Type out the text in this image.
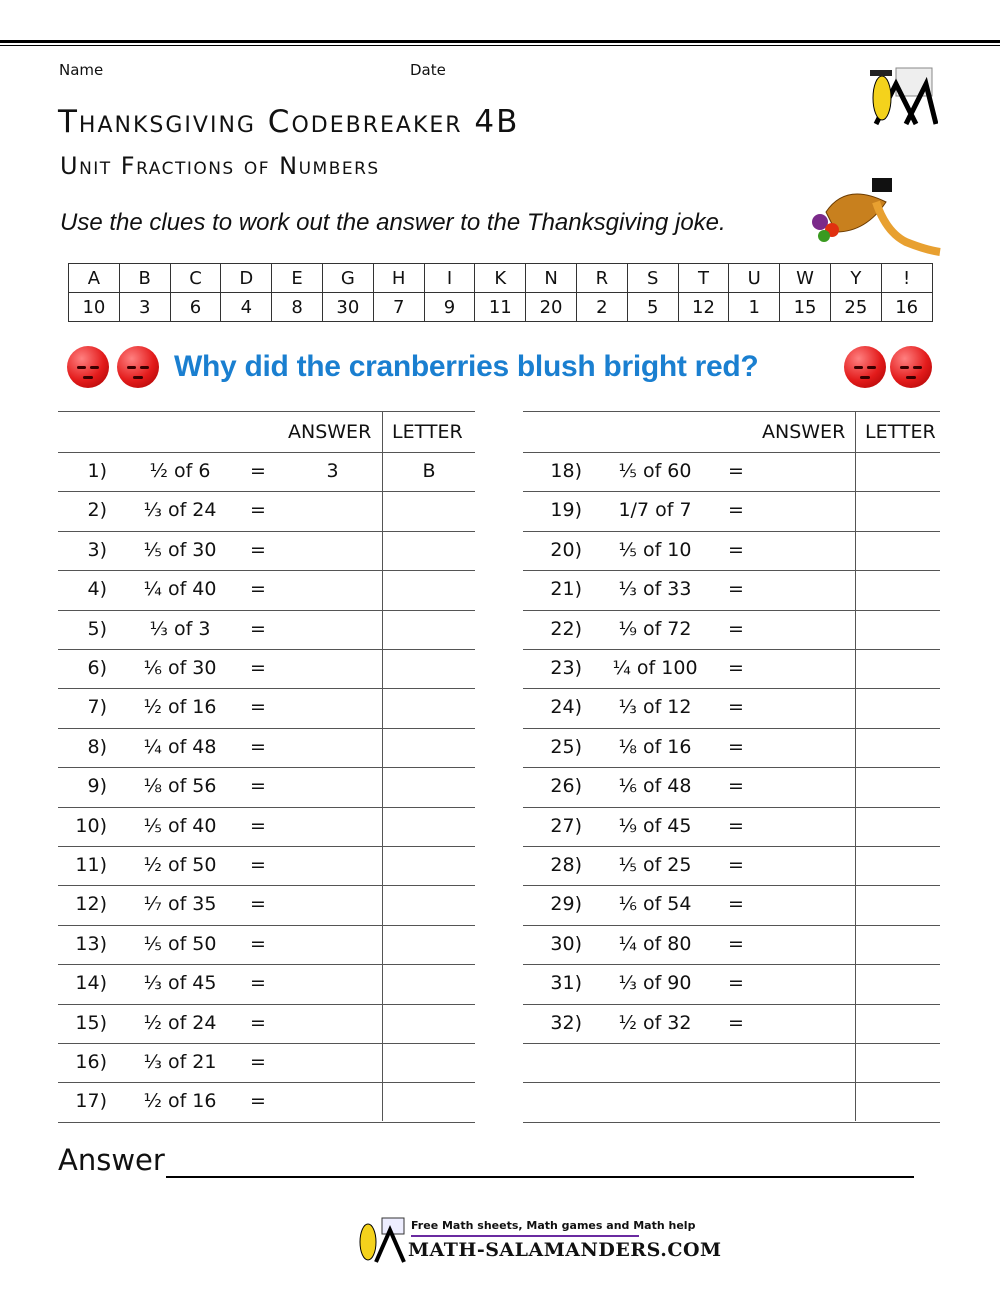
Name	Date
Thanksgiving Codebreaker 4B
Unit Fractions of Numbers
Use the clues to work out the answer to the Thanksgiving joke.
A	B	C	D	E	G	H	I	K	N	R	S	T	U	W	Y	!
10	3	6	4	8	30	7	9	11	20	2	5	12	1	15	25	16
Why did the cranberries blush bright red?
ANSWER LETTER
1)	½ of 6	=	3	B
2)	⅓ of 24	=
3)	⅕ of 30	=
4)	¼ of 40	=
5)	⅓ of 3	=
6)	⅙ of 30	=
7)	½ of 16	=
8)	¼ of 48	=
9)	⅛ of 56	=
10)	⅕ of 40	=
11)	½ of 50	=
12)	⅐ of 35	=
13)	⅕ of 50	=
14)	⅓ of 45	=
15)	½ of 24	=
16)	⅓ of 21	=
17)	½ of 16	=
ANSWER LETTER
18)	⅕ of 60	=
19)	1/7 of 7	=
20)	⅕ of 10	=
21)	⅓ of 33	=
22)	⅑ of 72	=
23)	¼ of 100	=
24)	⅓ of 12	=
25)	⅛ of 16	=
26)	⅙ of 48	=
27)	⅑ of 45	=
28)	⅕ of 25	=
29)	⅙ of 54	=
30)	¼ of 80	=
31)	⅓ of 90	=
32)	½ of 32	=
Answer
Free Math sheets, Math games and Math help
MATH-SALAMANDERS.COM
